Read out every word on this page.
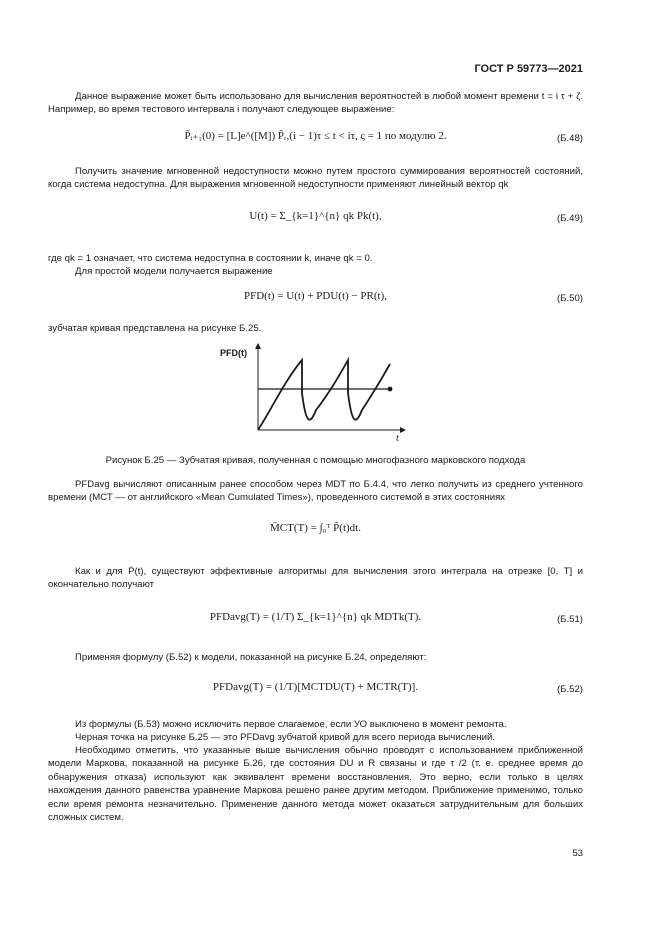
ГОСТ Р 59773—2021
Данное выражение может быть использовано для вычисления вероятностей в любой момент времени t = i τ + ζ. Например, во время тестового интервала i получают следующее выражение:
P̃ᵢ₊₁(0) = [L]e^([M]) P̃ᵣ,(i − 1)τ ≤ t < iτ, ς = 1 по модулю 2.	(Б.48)
Получить значение мгновенной недоступности можно путем простого суммирования вероятностей состояний, когда система недоступна. Для выражения мгновенной недоступности применяют линейный вектор qk
U(t) = Σ_{k=1}^{n} qk Pk(t),	(Б.49)
где qk = 1 означает, что система недоступна в состоянии k, иначе qk = 0.
Для простой модели получается выражение
PFD(t) = U(t) + PDU(t) − PR(t),	(Б.50)
зубчатая кривая представлена на рисунке Б.25.
PFD(t)
t
Рисунок Б.25 — Зубчатая кривая, полученная с помощью многофазного марковского подхода
PFDavg вычисляют описанным ранее способом через MDT по Б.4.4, что легко получить из среднего учтенного времени (МСТ — от английского «Mean Cumulated Times»), проведенного системой в этих состояниях
M̄CT(T) = ∫₀ᵀ P̃(t)dt.
Как и для Ṗ(t), существуют эффективные алгоритмы для вычисления этого интеграла на отрезке [0, T] и окончательно получают
PFDavg(T) = (1/T) Σ_{k=1}^{n} qk MDTk(T).	(Б.51)
Применяя формулу (Б.52) к модели, показанной на рисунке Б.24, определяют:
PFDavg(T) = (1/T)[MCTDU(T) + MCTR(T)].	(Б.52)
Из формулы (Б.53) можно исключить первое слагаемое, если УО выключено в момент ремонта.
Черная точка на рисунке Б.25 — это PFDavg зубчатой кривой для всего периода вычислений.
Необходимо отметить, что указанные выше вычисления обычно проводят с использованием приближенной модели Маркова, показанной на рисунке Б.26, где состояния DU и R связаны и где τ /2 (т. е. среднее время до обнаружения отказа) используют как эквивалент времени восстановления. Это верно, если только в целях нахождения данного равенства уравнение Маркова решено ранее другим методом. Приближение применимо, только если время ремонта незначительно. Применение данного метода может оказаться затруднительным для больших сложных систем.
53
